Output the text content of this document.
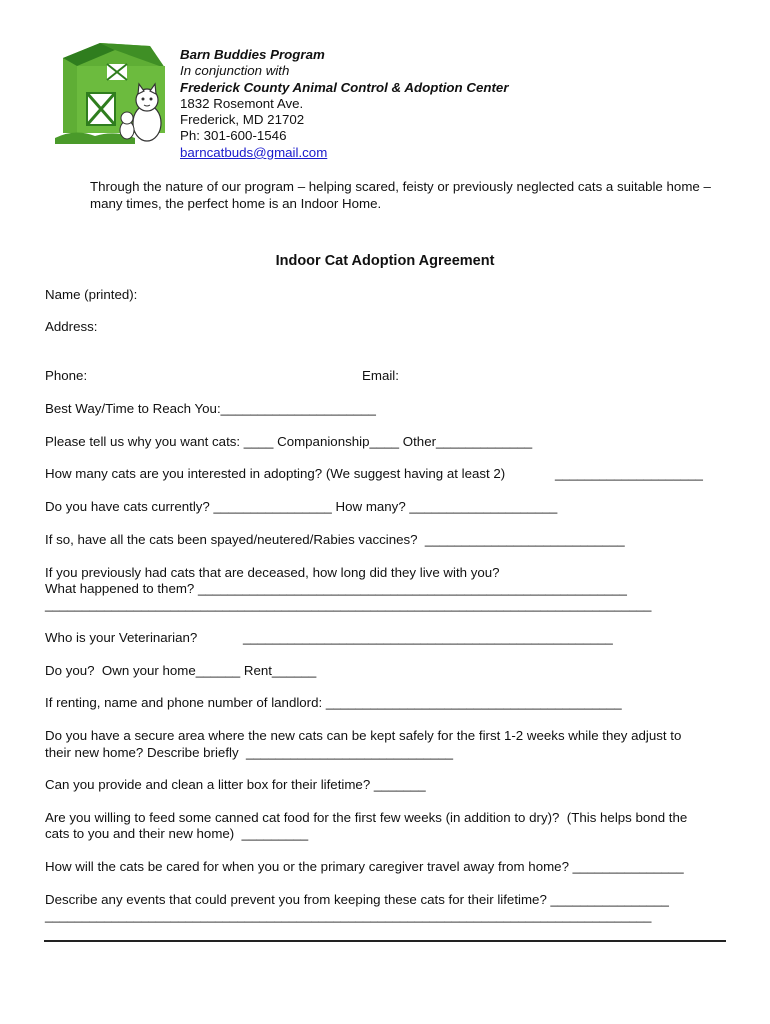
Barn Buddies Program
In conjunction with
Frederick County Animal Control & Adoption Center
1832 Rosemont Ave.
Frederick, MD 21702
Ph: 301-600-1546
barncatbuds@gmail.com
Through the nature of our program – helping scared, feisty or previously neglected cats a suitable home –
many times, the perfect home is an Indoor Home.
Indoor Cat Adoption Agreement
Name (printed):
Address:
Phone:	Email:
Best Way/Time to Reach You:_____________________
Please tell us why you want cats: ____ Companionship____ Other_____________
How many cats are you interested in adopting? (We suggest having at least 2)	____________________
Do you have cats currently? ________________ How many? ____________________
If so, have all the cats been spayed/neutered/Rabies vaccines?  ___________________________
If you previously had cats that are deceased, how long did they live with you?
What happened to them? __________________________________________________________
__________________________________________________________________________________
Who is your Veterinarian?	__________________________________________________
Do you?  Own your home______ Rent______
If renting, name and phone number of landlord: ________________________________________
Do you have a secure area where the new cats can be kept safely for the first 1-2 weeks while they adjust to
their new home? Describe briefly  ____________________________
Can you provide and clean a litter box for their lifetime? _______
Are you willing to feed some canned cat food for the first few weeks (in addition to dry)?  (This helps bond the
cats to you and their new home)  _________
How will the cats be cared for when you or the primary caregiver travel away from home? _______________
Describe any events that could prevent you from keeping these cats for their lifetime? ________________
__________________________________________________________________________________
